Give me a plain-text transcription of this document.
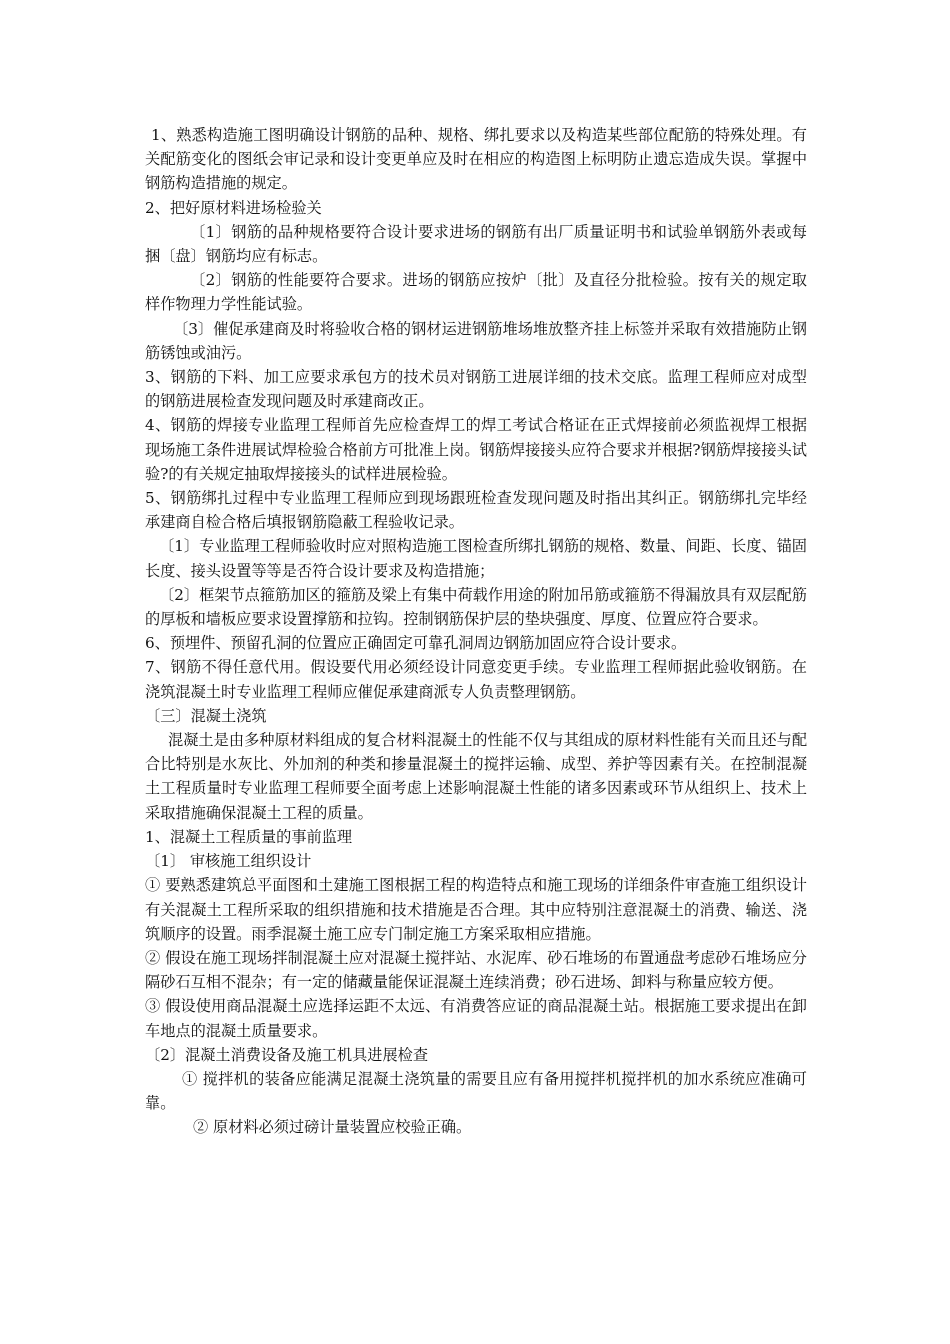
1、熟悉构造施工图明确设计钢筋的品种、规格、绑扎要求以及构造某些部位配筋的特殊处理。有关配筋变化的图纸会审记录和设计变更单应及时在相应的构造图上标明防止遗忘造成失误。掌握中钢筋构造措施的规定。

2、把好原材料进场检验关

〔1〕钢筋的品种规格要符合设计要求进场的钢筋有出厂质量证明书和试验单钢筋外表或每捆〔盘〕钢筋均应有标志。

〔2〕钢筋的性能要符合要求。进场的钢筋应按炉〔批〕及直径分批检验。按有关的规定取样作物理力学性能试验。

〔3〕催促承建商及时将验收合格的钢材运进钢筋堆场堆放整齐挂上标签并采取有效措施防止钢筋锈蚀或油污。

3、钢筋的下料、加工应要求承包方的技术员对钢筋工进展详细的技术交底。监理工程师应对成型的钢筋进展检查发现问题及时承建商改正。

4、钢筋的焊接专业监理工程师首先应检查焊工的焊工考试合格证在正式焊接前必须监视焊工根据现场施工条件进展试焊检验合格前方可批准上岗。钢筋焊接接头应符合要求并根据?钢筋焊接接头试验?的有关规定抽取焊接接头的试样进展检验。

5、钢筋绑扎过程中专业监理工程师应到现场跟班检查发现问题及时指出其纠正。钢筋绑扎完毕经承建商自检合格后填报钢筋隐蔽工程验收记录。

〔1〕专业监理工程师验收时应对照构造施工图检查所绑扎钢筋的规格、数量、间距、长度、锚固长度、接头设置等等是否符合设计要求及构造措施；

〔2〕框架节点箍筋加区的箍筋及梁上有集中荷载作用途的附加吊筋或箍筋不得漏放具有双层配筋的厚板和墙板应要求设置撑筋和拉钩。控制钢筋保护层的垫块强度、厚度、位置应符合要求。

6、预埋件、预留孔洞的位置应正确固定可靠孔洞周边钢筋加固应符合设计要求。

7、钢筋不得任意代用。假设要代用必须经设计同意変更手续。专业监理工程师据此验收钢筋。在浇筑混凝土时专业监理工程师应催促承建商派专人负责整理钢筋。

〔三〕混凝土浇筑

混凝土是由多种原材料组成的复合材料混凝土的性能不仅与其组成的原材料性能有关而且还与配合比特别是水灰比、外加剂的种类和掺量混凝土的搅拌运输、成型、养护等因素有关。在控制混凝土工程质量时专业监理工程师要全面考虑上述影响混凝土性能的诸多因素或环节从组织上、技术上采取措施确保混凝土工程的质量。

1、混凝土工程质量的事前监理

〔1〕 审核施工组织设计

① 要熟悉建筑总平面图和土建施工图根据工程的构造特点和施工现场的详细条件审查施工组织设计有关混凝土工程所采取的组织措施和技术措施是否合理。其中应特别注意混凝土的消费、输送、浇筑顺序的设置。雨季混凝土施工应专门制定施工方案采取相应措施。

② 假设在施工现场拌制混凝土应对混凝土搅拌站、水泥库、砂石堆场的布置通盘考虑砂石堆场应分隔砂石互相不混杂；有一定的储藏量能保证混凝土连续消费；砂石进场、卸料与称量应较方便。

③ 假设使用商品混凝土应选择运距不太远、有消费答应证的商品混凝土站。根据施工要求提出在卸车地点的混凝土质量要求。

〔2〕混凝土消费设备及施工机具进展检查

① 搅拌机的装备应能满足混凝土浇筑量的需要且应有备用搅拌机搅拌机的加水系统应准确可靠。

② 原材料必须过磅计量装置应校验正确。
